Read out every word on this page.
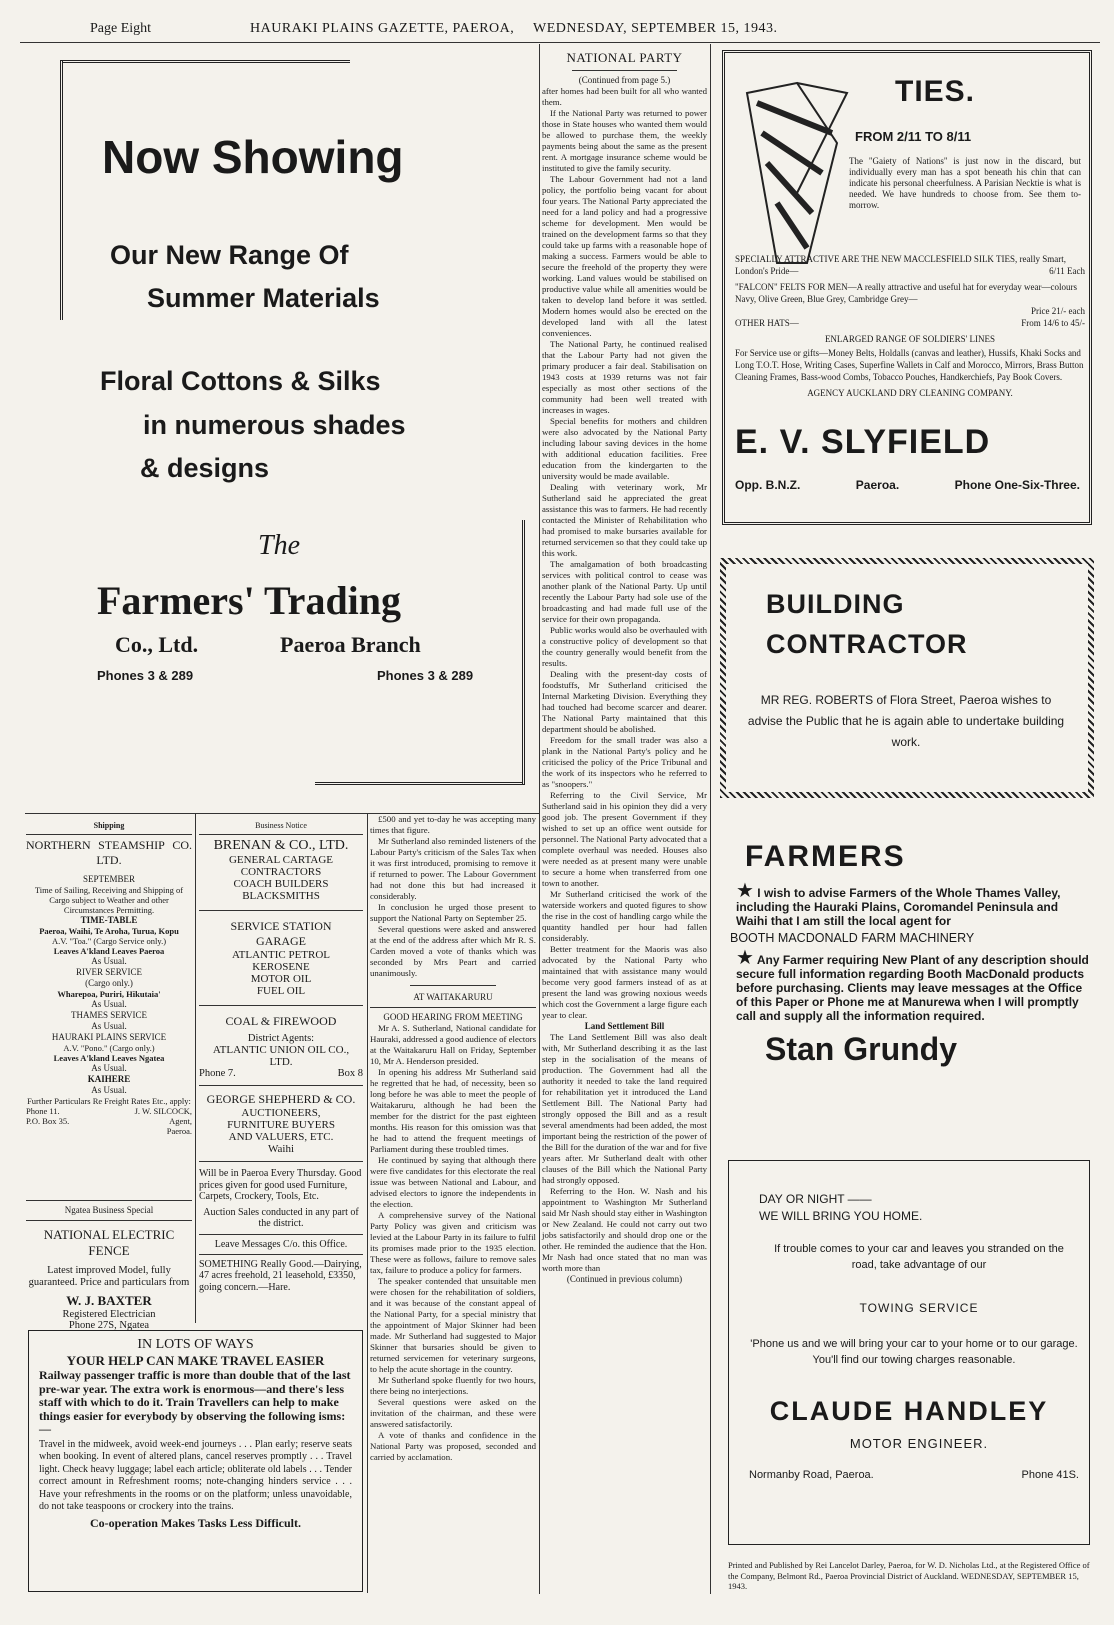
Page Eight	HAURAKI PLAINS GAZETTE, PAEROA, WEDNESDAY, SEPTEMBER 15, 1943.
Now Showing
Our New Range Of
Summer Materials
Floral Cottons & Silks
in numerous shades
& designs
The
Farmers' Trading
Co., Ltd.	Paeroa Branch
Phones 3 & 289	Phones 3 & 289
Shipping
NORTHERN STEAMSHIP CO.
LTD.
SEPTEMBER
Time of Sailing, Receiving and Shipping of Cargo subject to Weather and other Circumstances Permitting.
TIME-TABLE
Paeroa, Waihi, Te Aroha, Turua, Kopu
A.V. "Toa." (Cargo Service only.)
Leaves A'kland Leaves Paeroa
As Usual.
RIVER SERVICE
(Cargo only.)
Wharepoa, Puriri, Hikutaia'
As Usual.
THAMES SERVICE
As Usual.
HAURAKI PLAINS SERVICE
A.V. "Pono." (Cargo only.)
Leaves A'kland Leaves Ngatea
As Usual.
KAIHERE
As Usual.
Further Particulars Re Freight Rates Etc., apply:
Phone 11.	J. W. SILCOCK,
P.O. Box 35.	Agent,
Paeroa.
Ngatea Business Special
NATIONAL ELECTRIC
FENCE
Latest improved Model, fully guaranteed. Price and particulars from
W. J. BAXTER
Registered Electrician
Phone 27S, Ngatea
Business Notice
BRENAN & CO., LTD.
GENERAL CARTAGE
CONTRACTORS
COACH BUILDERS
BLACKSMITHS
SERVICE STATION
GARAGE
ATLANTIC PETROL
KEROSENE
MOTOR OIL
FUEL OIL
COAL & FIREWOOD
District Agents:
ATLANTIC UNION OIL CO.,
LTD.
Phone 7.	Box 8
GEORGE SHEPHERD & CO.
AUCTIONEERS,
FURNITURE BUYERS
AND VALUERS, ETC.
Waihi
Will be in Paeroa Every Thursday. Good prices given for good used Furniture, Carpets, Crockery, Tools, Etc.
Auction Sales conducted in any part of the district.
Leave Messages C/o. this Office.
SOMETHING Really Good.—Dairying, 47 acres freehold, 21 leasehold, £3350, going concern.—Hare.
IN LOTS OF WAYS
YOUR HELP CAN MAKE TRAVEL EASIER
Railway passenger traffic is more than double that of the last pre-war year. The extra work is enormous—and there's less staff with which to do it. Train Travellers can help to make things easier for everybody by observing the following isms:—
Travel in the midweek, avoid week-end journeys . . . Plan early; reserve seats when booking. In event of altered plans, cancel reserves promptly . . . Travel light. Check heavy luggage; label each article; obliterate old labels . . . Tender correct amount in Refreshment rooms; note-changing hinders service . . . Have your refreshments in the rooms or on the platform; unless unavoidable, do not take teaspoons or crockery into the trains.
Co-operation Makes Tasks Less Difficult.

£500 and yet to-day he was accepting many times that figure.

Mr Sutherland also reminded listeners of the Labour Party's criticism of the Sales Tax when it was first introduced, promising to remove it if returned to power. The Labour Government had not done this but had increased it considerably.

In conclusion he urged those present to support the National Party on September 25.

Several questions were asked and answered at the end of the address after which Mr R. S. Carden moved a vote of thanks which was seconded by Mrs Peart and carried unanimously.

AT WAITAKARURU
GOOD HEARING FROM MEETING

Mr A. S. Sutherland, National candidate for Hauraki, addressed a good audience of electors at the Waitakaruru Hall on Friday, September 10, Mr A. Henderson presided.

In opening his address Mr Sutherland said he regretted that he had, of necessity, been so long before he was able to meet the people of Waitakaruru, although he had been the member for the district for the past eighteen months. His reason for this omission was that he had to attend the frequent meetings of Parliament during these troubled times.

He continued by saying that although there were five candidates for this electorate the real issue was between National and Labour, and advised electors to ignore the independents in the election.

A comprehensive survey of the National Party Policy was given and criticism was levied at the Labour Party in its failure to fulfil its promises made prior to the 1935 election. These were as follows, failure to remove sales tax, failure to produce a policy for farmers.

The speaker contended that unsuitable men were chosen for the rehabilitation of soldiers, and it was because of the constant appeal of the National Party, for a special ministry that the appointment of Major Skinner had been made. Mr Sutherland had suggested to Major Skinner that bursaries should be given to returned servicemen for veterinary surgeons, to help the acute shortage in the country.

Mr Sutherland spoke fluently for two hours, there being no interjections.

Several questions were asked on the invitation of the chairman, and these were answered satisfactorily.

A vote of thanks and confidence in the National Party was proposed, seconded and carried by acclamation.

NATIONAL PARTY
(Continued from page 5.)

after homes had been built for all who wanted them.

If the National Party was returned to power those in State houses who wanted them would be allowed to purchase them, the weekly payments being about the same as the present rent. A mortgage insurance scheme would be instituted to give the family security.

The Labour Government had not a land policy, the portfolio being vacant for about four years. The National Party appreciated the need for a land policy and had a progressive scheme for development. Men would be trained on the development farms so that they could take up farms with a reasonable hope of making a success. Farmers would be able to secure the freehold of the property they were working. Land values would be stabilised on productive value while all amenities would be taken to develop land before it was settled. Modern homes would also be erected on the developed land with all the latest conveniences.

The National Party, he continued realised that the Labour Party had not given the primary producer a fair deal. Stabilisation on 1943 costs at 1939 returns was not fair especially as most other sections of the community had been well treated with increases in wages.

Special benefits for mothers and children were also advocated by the National Party including labour saving devices in the home with additional education facilities. Free education from the kindergarten to the university would be made available.

Dealing with veterinary work, Mr Sutherland said he appreciated the great assistance this was to farmers. He had recently contacted the Minister of Rehabilitation who had promised to make bursaries available for returned servicemen so that they could take up this work.

The amalgamation of both broadcasting services with political control to cease was another plank of the National Party. Up until recently the Labour Party had sole use of the broadcasting and had made full use of the service for their own propaganda.

Public works would also be overhauled with a constructive policy of development so that the country generally would benefit from the results.

Dealing with the present-day costs of foodstuffs, Mr Sutherland criticised the Internal Marketing Division. Everything they had touched had become scarcer and dearer. The National Party maintained that this department should be abolished.

Freedom for the small trader was also a plank in the National Party's policy and he criticised the policy of the Price Tribunal and the work of its inspectors who he referred to as "snoopers."

Referring to the Civil Service, Mr Sutherland said in his opinion they did a very good job. The present Government if they wished to set up an office went outside for personnel. The National Party advocated that a complete overhaul was needed. Houses also were needed as at present many were unable to secure a home when transferred from one town to another.

Mr Sutherland criticised the work of the waterside workers and quoted figures to show the rise in the cost of handling cargo while the quantity handled per hour had fallen considerably.

Better treatment for the Maoris was also advocated by the National Party who maintained that with assistance many would become very good farmers instead of as at present the land was growing noxious weeds which cost the Government a large figure each year to clear.

Land Settlement Bill

The Land Settlement Bill was also dealt with, Mr Sutherland describing it as the last step in the socialisation of the means of production. The Government had all the authority it needed to take the land required for rehabilitation yet it introduced the Land Settlement Bill. The National Party had strongly opposed the Bill and as a result several amendments had been added, the most important being the restriction of the power of the Bill for the duration of the war and for five years after. Mr Sutherland dealt with other clauses of the Bill which the National Party had strongly opposed.

Referring to the Hon. W. Nash and his appointment to Washington Mr Sutherland said Mr Nash should stay either in Washington or New Zealand. He could not carry out two jobs satisfactorily and should drop one or the other. He reminded the audience that the Hon. Mr Nash had once stated that no man was worth more than

(Continued in previous column)
TIES.
FROM 2/11 TO 8/11
The "Gaiety of Nations" is just now in the discard, but individually every man has a spot beneath his chin that can indicate his personal cheerfulness. A Parisian Necktie is what is needed. We have hundreds to choose from. See them to-morrow.
SPECIALLY ATTRACTIVE ARE THE NEW MACCLESFIELD SILK TIES, really Smart, London's Pride—	6/11 Each
"FALCON" FELTS FOR MEN—A really attractive and useful hat for everyday wear—colours Navy, Olive Green, Blue Grey, Cambridge Grey—
Price 21/- each
OTHER HATS—	From 14/6 to 45/-
ENLARGED RANGE OF SOLDIERS' LINES
For Service use or gifts—Money Belts, Holdalls (canvas and leather), Hussifs, Khaki Socks and Long T.O.T. Hose, Writing Cases, Superfine Wallets in Calf and Morocco, Mirrors, Brass Button Cleaning Frames, Bass-wood Combs, Tobacco Pouches, Handkerchiefs, Pay Book Covers.
AGENCY AUCKLAND DRY CLEANING COMPANY.
E. V. SLYFIELD
Opp. B.N.Z.	Paeroa.	Phone One-Six-Three.
BUILDING
CONTRACTOR
MR REG. ROBERTS of Flora Street, Paeroa wishes to advise the Public that he is again able to undertake building work.
FARMERS
★ I wish to advise Farmers of the Whole Thames Valley, including the Hauraki Plains, Coromandel Peninsula and Waihi that I am still the local agent for
BOOTH MACDONALD FARM MACHINERY
★ Any Farmer requiring New Plant of any description should secure full information regarding Booth MacDonald products before purchasing. Clients may leave messages at the Office of this Paper or Phone me at Manurewa when I will promptly call and supply all the information required.
Stan Grundy
DAY OR NIGHT ——
WE WILL BRING YOU HOME.
If trouble comes to your car and leaves you stranded on the road, take advantage of our
TOWING SERVICE
'Phone us and we will bring your car to your home or to our garage. You'll find our towing charges reasonable.
CLAUDE HANDLEY
MOTOR ENGINEER.
Normanby Road, Paeroa.	Phone 41S.
Printed and Published by Rei Lancelot Darley, Paeroa, for W. D. Nicholas Ltd., at the Registered Office of the Company, Belmont Rd., Paeroa Provincial District of Auckland. WEDNESDAY, SEPTEMBER 15, 1943.
